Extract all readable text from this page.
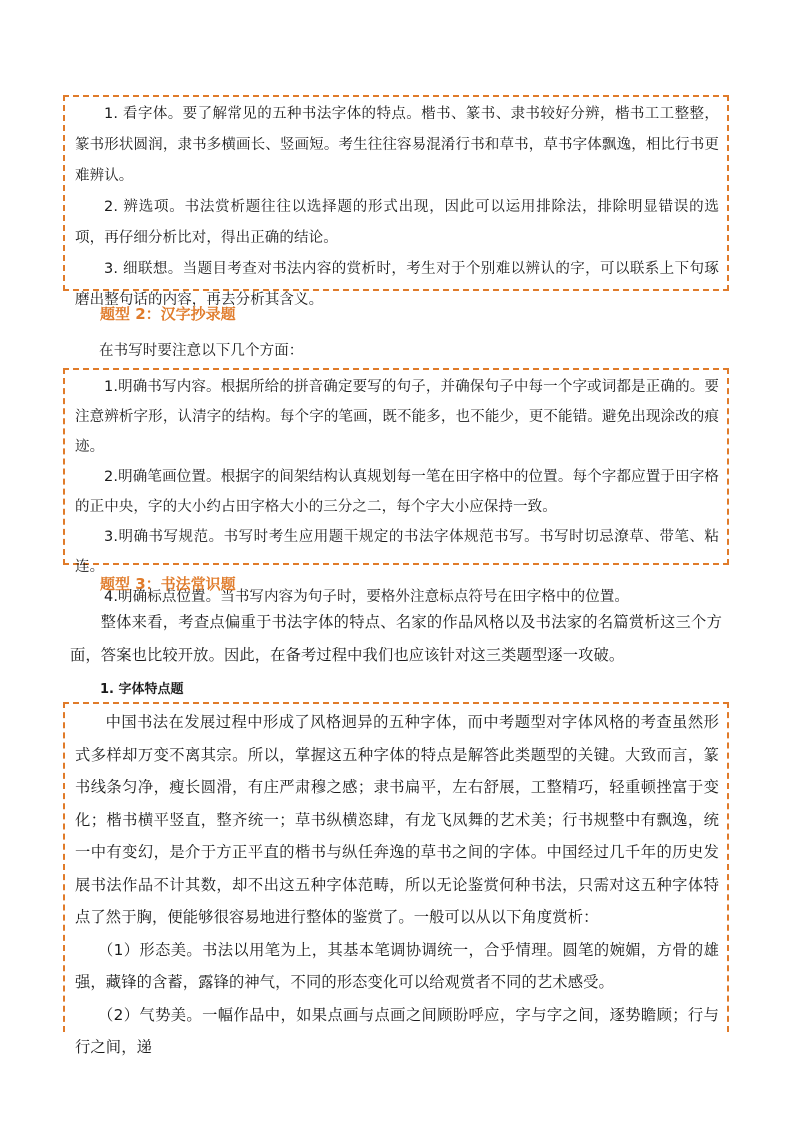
1. 看字体。要了解常见的五种书法字体的特点。楷书、篆书、隶书较好分辨，楷书工工整整，篆书形状圆润，隶书多横画长、竖画短。考生往往容易混淆行书和草书，草书字体飘逸，相比行书更难辨认。

2. 辨选项。书法赏析题往往以选择题的形式出现，因此可以运用排除法，排除明显错误的选项，再仔细分析比对，得出正确的结论。

3. 细联想。当题目考查对书法内容的赏析时，考生对于个别难以辨认的字，可以联系上下句琢磨出整句话的内容，再去分析其含义。

题型 2：汉字抄录题

在书写时要注意以下几个方面：

1.明确书写内容。根据所给的拼音确定要写的句子，并确保句子中每一个字或词都是正确的。要注意辨析字形，认清字的结构。每个字的笔画，既不能多，也不能少，更不能错。避免出现涂改的痕迹。

2.明确笔画位置。根据字的间架结构认真规划每一笔在田字格中的位置。每个字都应置于田字格的正中央，字的大小约占田字格大小的三分之二，每个字大小应保持一致。

3.明确书写规范。书写时考生应用题干规定的书法字体规范书写。书写时切忌潦草、带笔、粘连。

4.明确标点位置。当书写内容为句子时，要格外注意标点符号在田字格中的位置。

题型 3：书法常识题

整体来看，考查点偏重于书法字体的特点、名家的作品风格以及书法家的名篇赏析这三个方面，答案也比较开放。因此，在备考过程中我们也应该针对这三类题型逐一攻破。

1. 字体特点题

中国书法在发展过程中形成了风格迥异的五种字体，而中考题型对字体风格的考查虽然形式多样却万变不离其宗。所以，掌握这五种字体的特点是解答此类题型的关键。大致而言，篆书线条匀净，瘦长圆滑，有庄严肃穆之感；隶书扁平，左右舒展，工整精巧，轻重顿挫富于变化；楷书横平竖直，整齐统一；草书纵横恣肆，有龙飞凤舞的艺术美；行书规整中有飘逸，统一中有变幻，是介于方正平直的楷书与纵任奔逸的草书之间的字体。中国经过几千年的历史发展书法作品不计其数，却不出这五种字体范畴，所以无论鉴赏何种书法，只需对这五种字体特点了然于胸，便能够很容易地进行整体的鉴赏了。一般可以从以下角度赏析：

（1）形态美。书法以用笔为上，其基本笔调协调统一，合乎情理。圆笔的婉媚，方骨的雄强，藏锋的含蓄，露锋的神气，不同的形态变化可以给观赏者不同的艺术感受。

（2）气势美。一幅作品中，如果点画与点画之间顾盼呼应，字与字之间，逐势瞻顾；行与行之间，递
